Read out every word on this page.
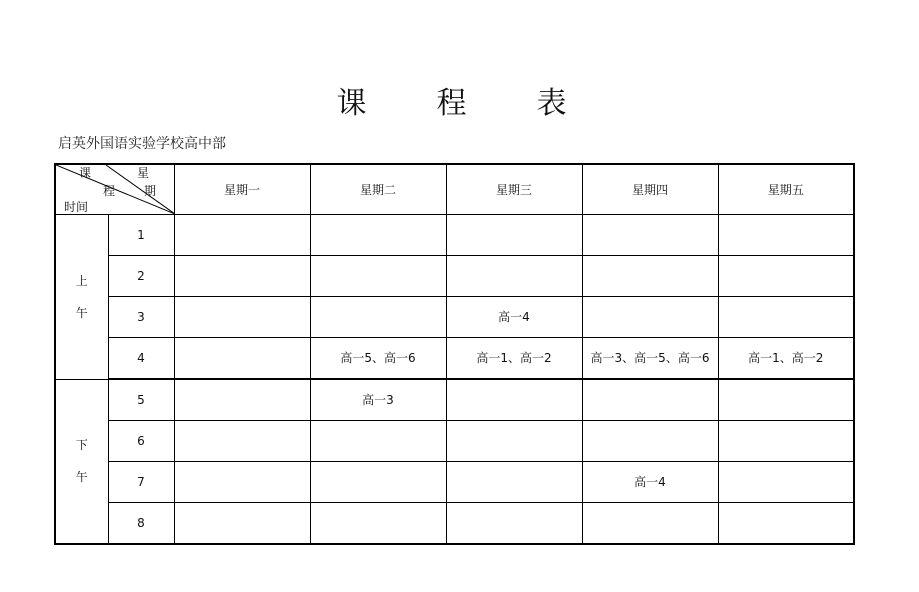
课 程 表
启英外国语实验学校高中部
课
程
时间
星
期		星期一	星期二	星期三	星期四	星期五

上
午	1					
	2					
	3			高一4		
	4		高一5、高一6	高一1、高一2	高一3、高一5、高一6	高一1、高一2

下
午	5		高一3			
	6					
	7				高一4	
	8					
